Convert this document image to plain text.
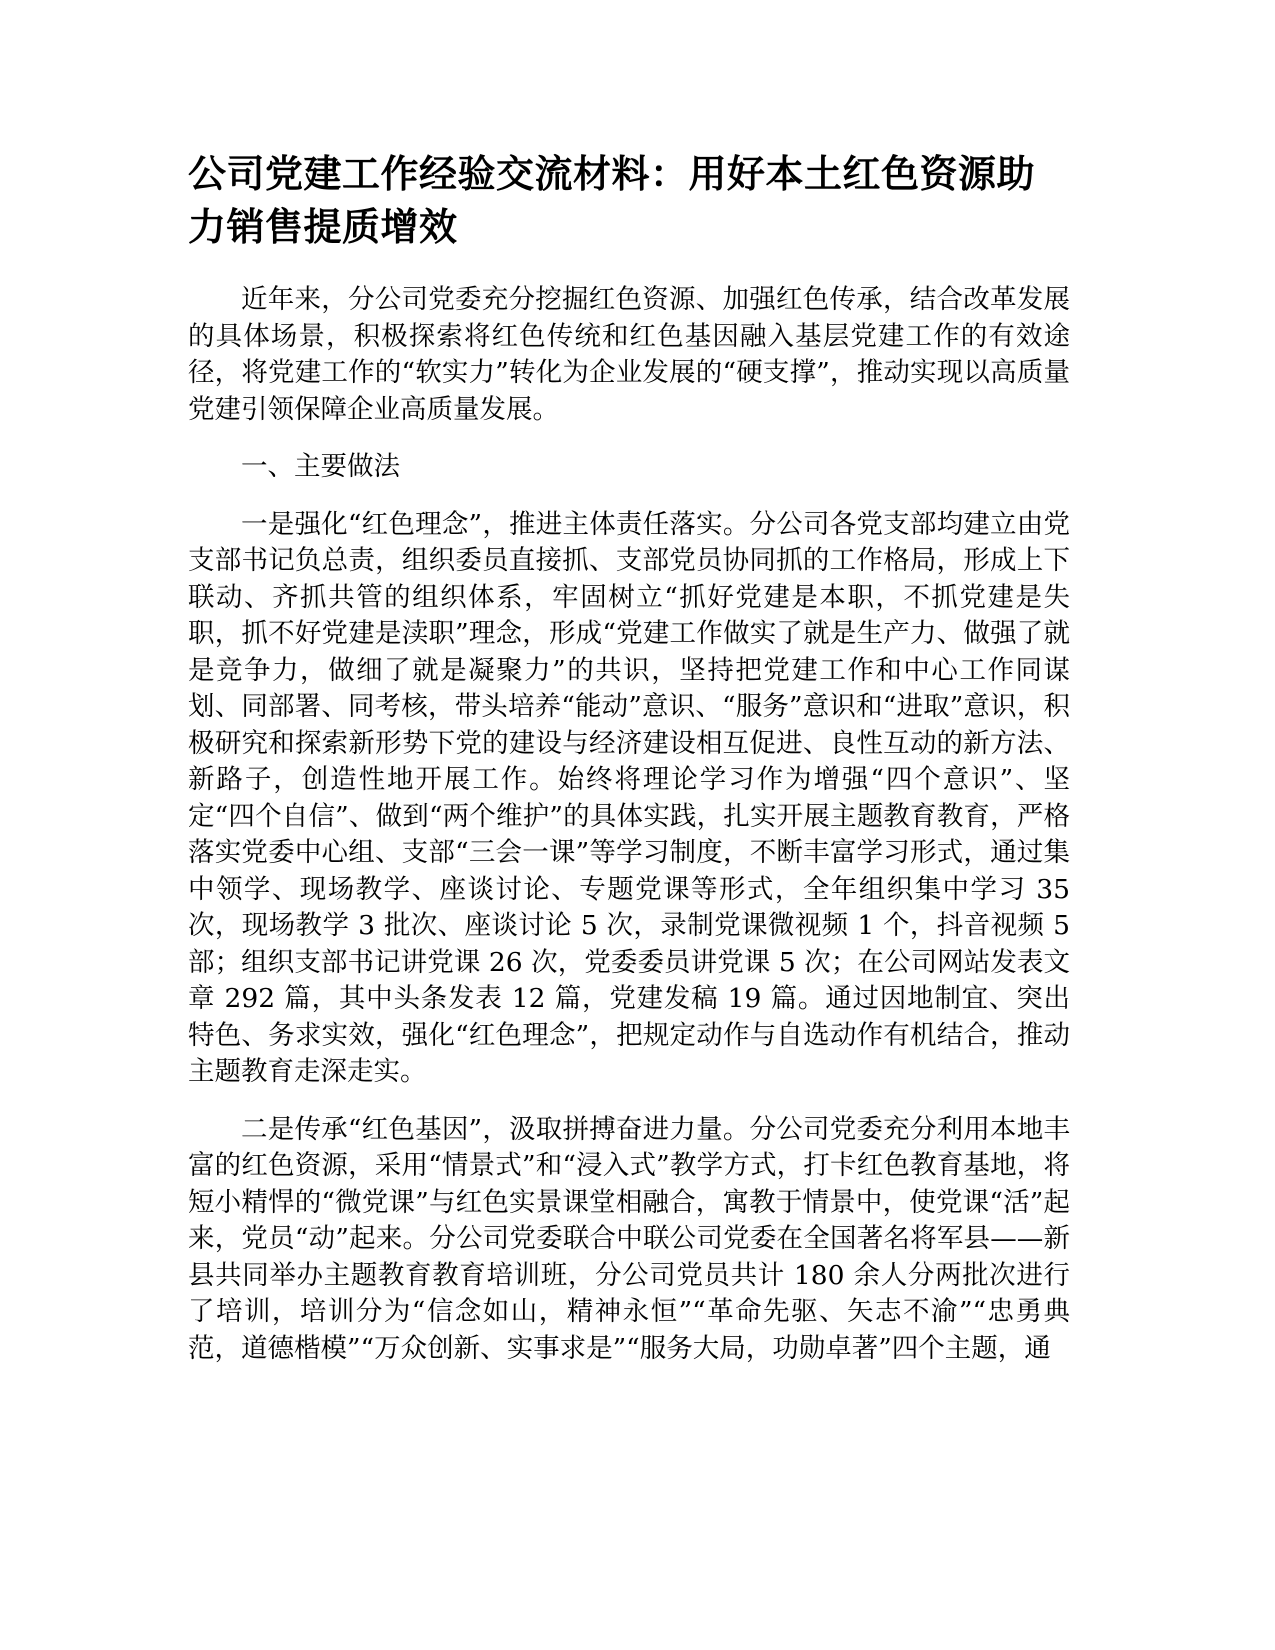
公司党建工作经验交流材料：用好本土红色资源助力销售提质增效

近年来，分公司党委充分挖掘红色资源、加强红色传承，结合改革发展的具体场景，积极探索将红色传统和红色基因融入基层党建工作的有效途径，将党建工作的“软实力”转化为企业发展的“硬支撑”，推动实现以高质量党建引领保障企业高质量发展。

一、主要做法

一是强化“红色理念”，推进主体责任落实。分公司各党支部均建立由党支部书记负总责，组织委员直接抓、支部党员协同抓的工作格局，形成上下联动、齐抓共管的组织体系，牢固树立“抓好党建是本职，不抓党建是失职，抓不好党建是渎职”理念，形成“党建工作做实了就是生产力、做强了就是竞争力，做细了就是凝聚力”的共识，坚持把党建工作和中心工作同谋划、同部署、同考核，带头培养“能动”意识、“服务”意识和“进取”意识，积极研究和探索新形势下党的建设与经济建设相互促进、良性互动的新方法、新路子，创造性地开展工作。始终将理论学习作为增强“四个意识”、坚定“四个自信”、做到“两个维护”的具体实践，扎实开展主题教育教育，严格落实党委中心组、支部“三会一课”等学习制度，不断丰富学习形式，通过集中领学、现场教学、座谈讨论、专题党课等形式，全年组织集中学习 35 次，现场教学 3 批次、座谈讨论 5 次，录制党课微视频 1 个，抖音视频 5 部；组织支部书记讲党课 26 次，党委委员讲党课 5 次；在公司网站发表文章 292 篇，其中头条发表 12 篇，党建发稿 19 篇。通过因地制宜、突出特色、务求实效，强化“红色理念”，把规定动作与自选动作有机结合，推动主题教育走深走实。

二是传承“红色基因”，汲取拼搏奋进力量。分公司党委充分利用本地丰富的红色资源，采用“情景式”和“浸入式”教学方式，打卡红色教育基地，将短小精悍的“微党课”与红色实景课堂相融合，寓教于情景中，使党课“活”起来，党员“动”起来。分公司党委联合中联公司党委在全国著名将军县——新县共同举办主题教育教育培训班，分公司党员共计 180 余人分两批次进行了培训，培训分为“信念如山，精神永恒”“革命先驱、矢志不渝”“忠勇典范，道德楷模”“万众创新、实事求是”“服务大局，功勋卓著”四个主题，通
